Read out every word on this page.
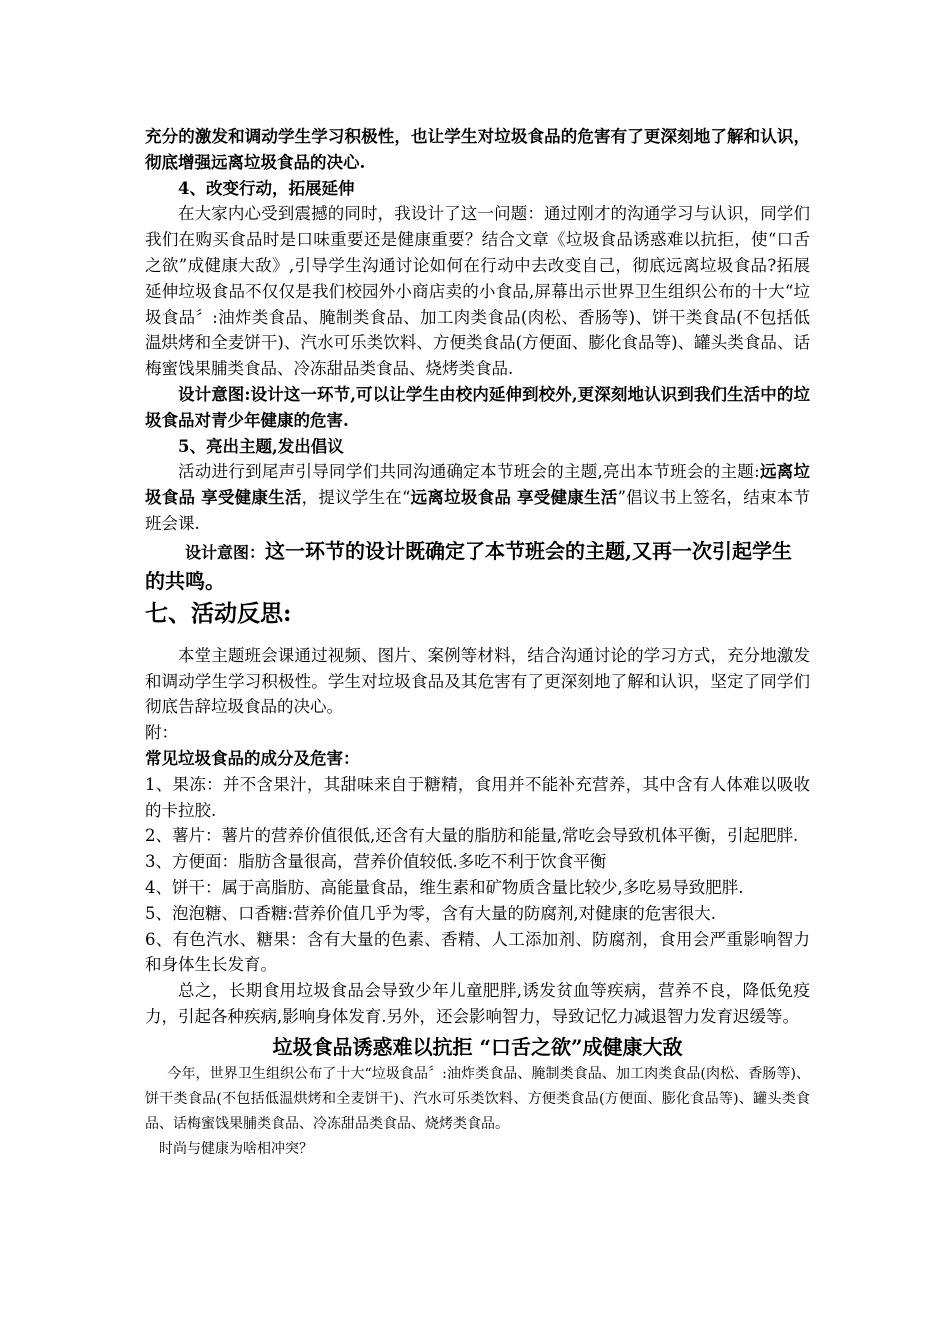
充分的激发和调动学生学习积极性，也让学生对垃圾食品的危害有了更深刻地了解和认识，彻底增强远离垃圾食品的决心.

4、改变行动，拓展延伸

在大家内心受到震撼的同时，我设计了这一问题：通过刚才的沟通学习与认识，同学们我们在购买食品时是口味重要还是健康重要？结合文章《垃圾食品诱惑难以抗拒，使“口舌之欲”成健康大敌》,引导学生沟通讨论如何在行动中去改变自己，彻底远离垃圾食品?拓展延伸垃圾食品不仅仅是我们校园外小商店卖的小食品,屏幕出示世界卫生组织公布的十大“垃圾食品〞:油炸类食品、腌制类食品、加工肉类食品(肉松、香肠等)、饼干类食品(不包括低温烘烤和全麦饼干)、汽水可乐类饮料、方便类食品(方便面、膨化食品等)、罐头类食品、话梅蜜饯果脯类食品、冷冻甜品类食品、烧烤类食品.

设计意图:设计这一环节,可以让学生由校内延伸到校外,更深刻地认识到我们生活中的垃圾食品对青少年健康的危害.

5、亮出主题,发出倡议

活动进行到尾声引导同学们共同沟通确定本节班会的主题,亮出本节班会的主题:远离垃圾食品 享受健康生活，提议学生在“远离垃圾食品 享受健康生活”倡议书上签名，结束本节班会课.

设计意图：这一环节的设计既确定了本节班会的主题,又再一次引起学生的共鸣。

七、活动反思:

本堂主题班会课通过视频、图片、案例等材料，结合沟通讨论的学习方式，充分地激发和调动学生学习积极性。学生对垃圾食品及其危害有了更深刻地了解和认识，坚定了同学们彻底告辞垃圾食品的决心。

附：

常见垃圾食品的成分及危害：

1、果冻：并不含果汁，其甜味来自于糖精，食用并不能补充营养，其中含有人体难以吸收的卡拉胶.

2、薯片：薯片的营养价值很低,还含有大量的脂肪和能量,常吃会导致机体平衡，引起肥胖.

3、方便面：脂肪含量很高，营养价值较低.多吃不利于饮食平衡

4、饼干：属于高脂肪、高能量食品，维生素和矿物质含量比较少,多吃易导致肥胖.

5、泡泡糖、口香糖:营养价值几乎为零，含有大量的防腐剂,对健康的危害很大.

6、有色汽水、糖果：含有大量的色素、香精、人工添加剂、防腐剂，食用会严重影响智力和身体生长发育。

总之，长期食用垃圾食品会导致少年儿童肥胖,诱发贫血等疾病，营养不良，降低免疫力，引起各种疾病,影响身体发育.另外，还会影响智力，导致记忆力减退智力发育迟缓等。

垃圾食品诱惑难以抗拒 “口舌之欲”成健康大敌

今年，世界卫生组织公布了十大“垃圾食品〞:油炸类食品、腌制类食品、加工肉类食品(肉松、香肠等)、饼干类食品(不包括低温烘烤和全麦饼干)、汽水可乐类饮料、方便类食品(方便面、膨化食品等)、罐头类食品、话梅蜜饯果脯类食品、冷冻甜品类食品、烧烤类食品。

时尚与健康为啥相冲突？
